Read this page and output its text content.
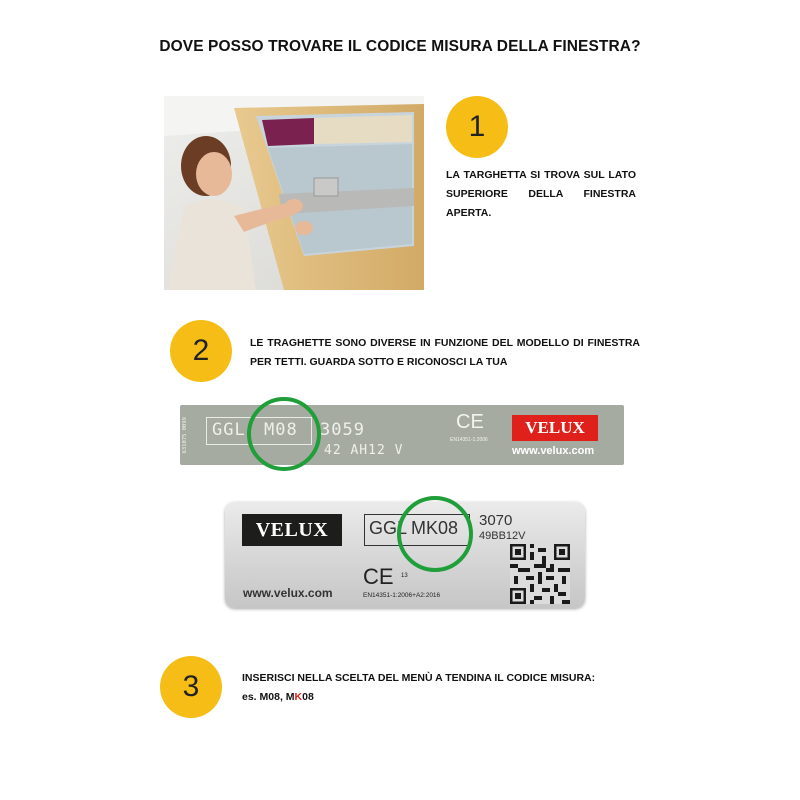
DOVE POSSO TROVARE IL CODICE MISURA DELLA FINESTRA?
1
LA TARGHETTA SI TROVA SUL LATO SUPERIORE DELLA FINESTRA APERTA.
2	LE TRAGHETTE SONO DIVERSE IN FUNZIONE DEL MODELLO DI FINESTRA PER TETTI. GUARDA SOTTO E RICONOSCI LA TUA
631075 0099 GGL M08 3059
42 AH12 V
CE
EN14351-1:2006
VELUX
www.velux.com
VELUX	GGL MK08 3070
49BB12V
CE 13
EN14351-1:2006+A2:2016
www.velux.com
3	INSERISCI NELLA SCELTA DEL MENÙ A TENDINA IL CODICE MISURA:
es. M08, MK08
